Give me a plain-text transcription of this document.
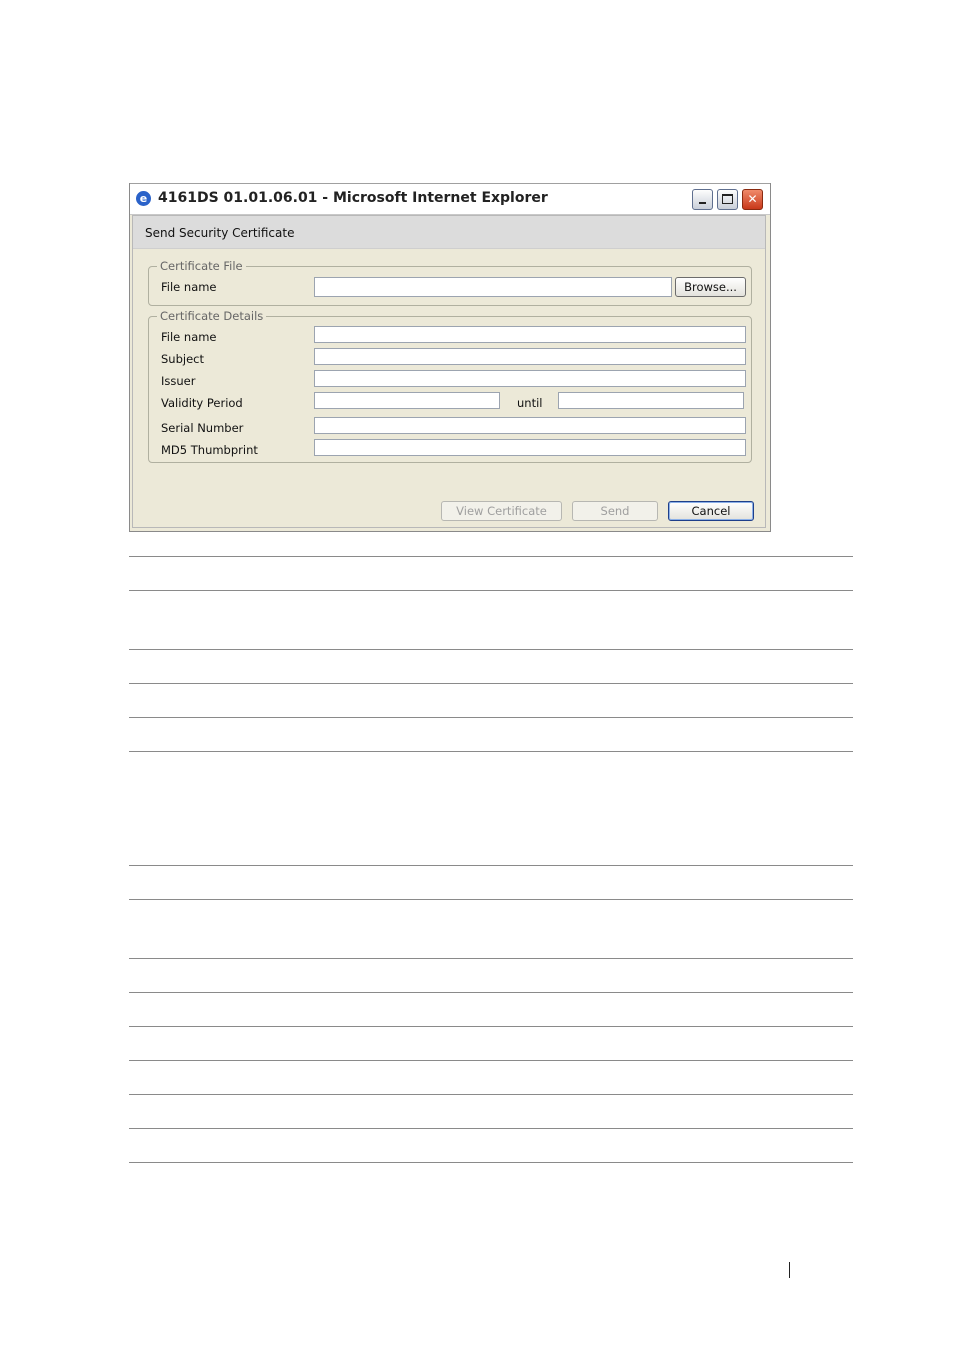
e 4161DS 01.01.06.01 - Microsoft Internet Explorer	✕
Send Security Certificate
Certificate File
File name	Browse...
Certificate Details
File name
Subject
Issuer
Validity Period	until
Serial Number
MD5 Thumbprint
View Certificate	Send	Cancel
